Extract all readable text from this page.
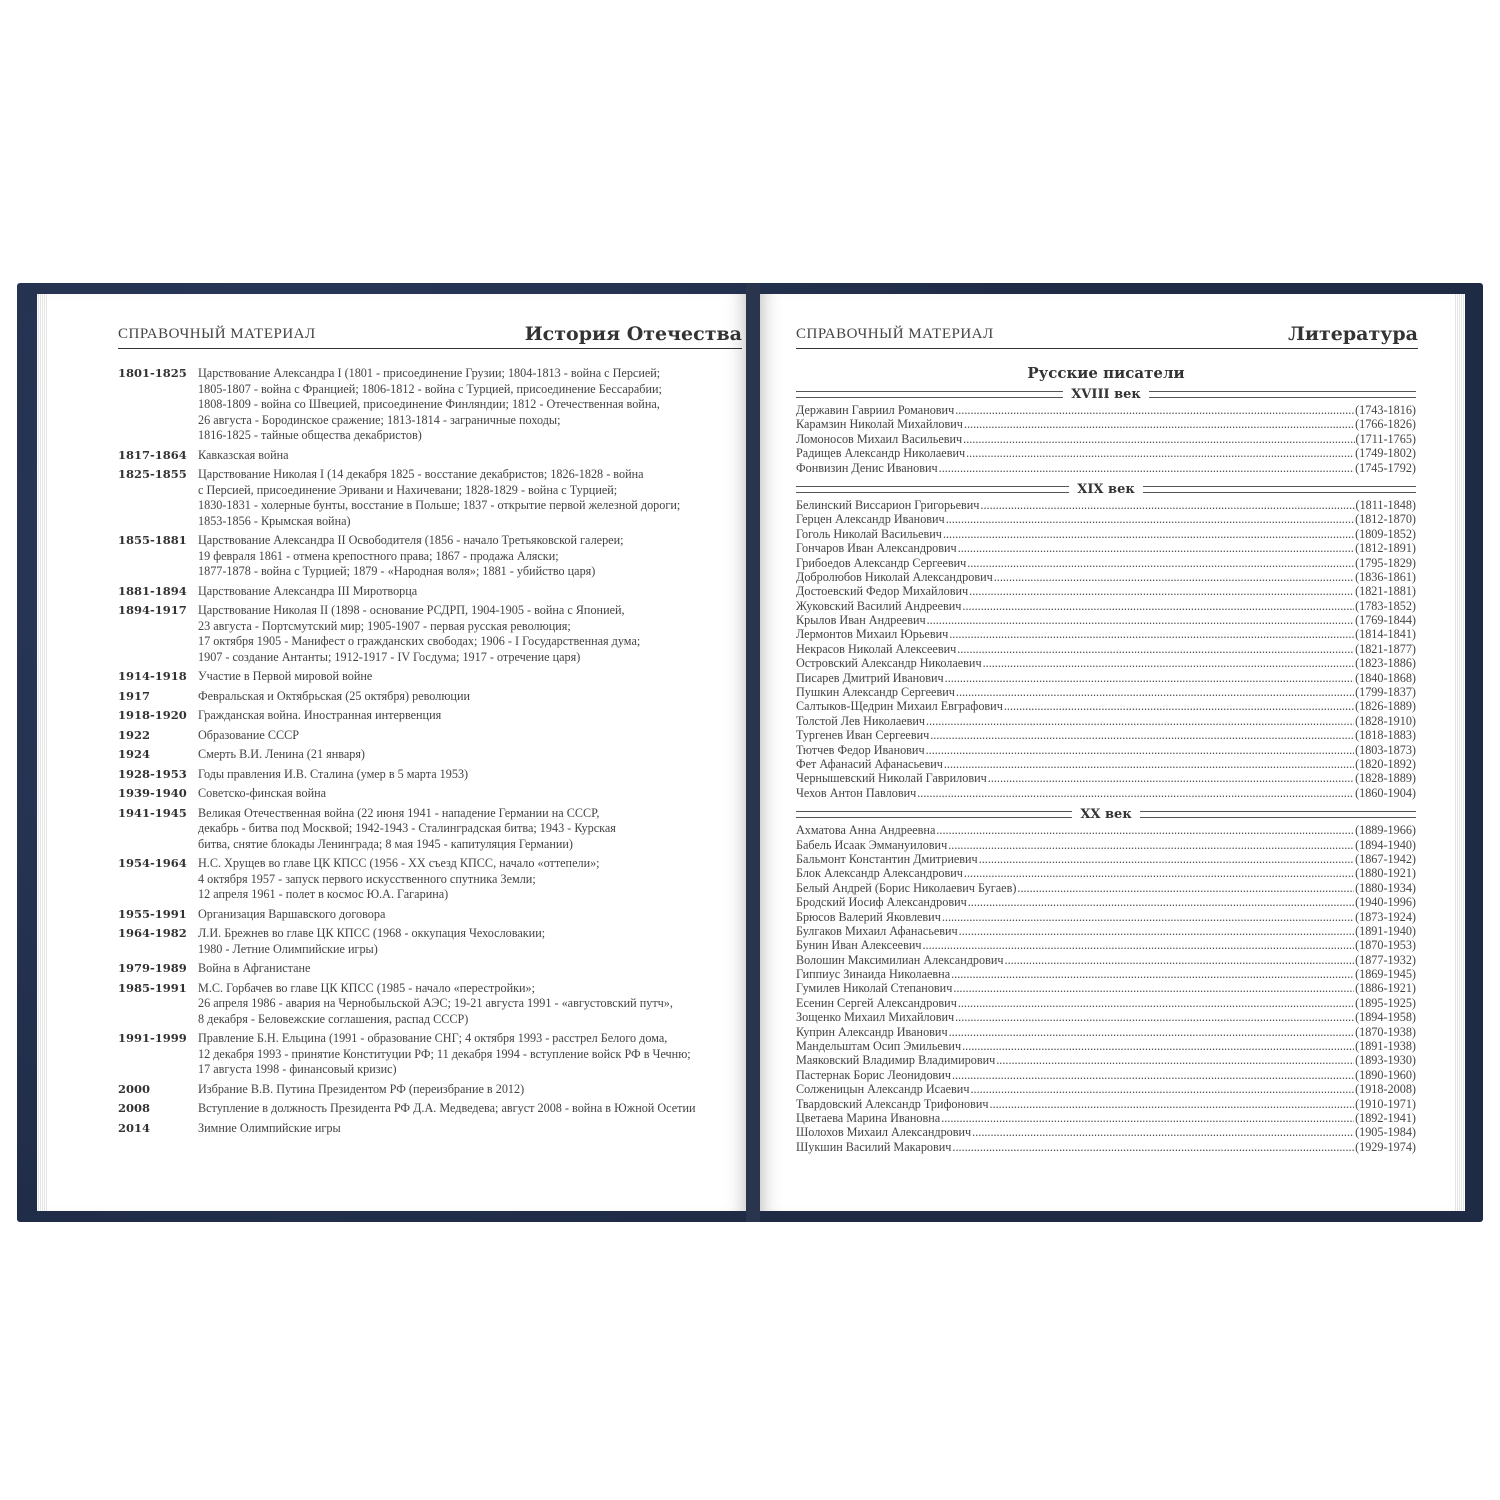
СПРАВОЧНЫЙ МАТЕРИАЛ	История Отечества
1801-1825 Царствование Александра I (1801 - присоединение Грузии; 1804-1813 - война с Персией;
1805-1807 - война с Францией; 1806-1812 - война с Турцией, присоединение Бессарабии;
1808-1809 - война со Швецией, присоединение Финляндии; 1812 - Отечественная война,
26 августа - Бородинское сражение; 1813-1814 - заграничные походы;
1816-1825 - тайные общества декабристов)
1817-1864 Кавказская война
1825-1855 Царствование Николая I (14 декабря 1825 - восстание декабристов; 1826-1828 - война
с Персией, присоединение Эривани и Нахичевани; 1828-1829 - война с Турцией;
1830-1831 - холерные бунты, восстание в Польше; 1837 - открытие первой железной дороги;
1853-1856 - Крымская война)
1855-1881 Царствование Александра II Освободителя (1856 - начало Третьяковской галереи;
19 февраля 1861 - отмена крепостного права; 1867 - продажа Аляски;
1877-1878 - война с Турцией; 1879 - «Народная воля»; 1881 - убийство царя)
1881-1894 Царствование Александра III Миротворца
1894-1917 Царствование Николая II (1898 - основание РСДРП, 1904-1905 - война с Японией,
23 августа - Портсмутский мир; 1905-1907 - первая русская революция;
17 октября 1905 - Манифест о гражданских свободах; 1906 - I Государственная дума;
1907 - создание Антанты; 1912-1917 - IV Госдума; 1917 - отречение царя)
1914-1918 Участие в Первой мировой войне
1917	Февральская и Октябрьская (25 октября) революции
1918-1920 Гражданская война. Иностранная интервенция
1922	Образование СССР
1924	Смерть В.И. Ленина (21 января)
1928-1953 Годы правления И.В. Сталина (умер в 5 марта 1953)
1939-1940 Советско-финская война
1941-1945 Великая Отечественная война (22 июня 1941 - нападение Германии на СССР,
декабрь - битва под Москвой; 1942-1943 - Сталинградская битва; 1943 - Курская
битва, снятие блокады Ленинграда; 8 мая 1945 - капитуляция Германии)
1954-1964 Н.С. Хрущев во главе ЦК КПСС (1956 - XX съезд КПСС, начало «оттепели»;
4 октября 1957 - запуск первого искусственного спутника Земли;
12 апреля 1961 - полет в космос Ю.А. Гагарина)
1955-1991 Организация Варшавского договора
1964-1982 Л.И. Брежнев во главе ЦК КПСС (1968 - оккупация Чехословакии;
1980 - Летние Олимпийские игры)
1979-1989 Война в Афганистане
1985-1991 М.С. Горбачев во главе ЦК КПСС (1985 - начало «перестройки»;
26 апреля 1986 - авария на Чернобыльской АЭС; 19-21 августа 1991 - «августовский путч»,
8 декабря - Беловежские соглашения, распад СССР)
1991-1999 Правление Б.Н. Ельцина (1991 - образование СНГ; 4 октября 1993 - расстрел Белого дома,
12 декабря 1993 - принятие Конституции РФ; 11 декабря 1994 - вступление войск РФ в Чечню;
17 августа 1998 - финансовый кризис)
2000	Избрание В.В. Путина Президентом РФ (переизбрание в 2012)
2008	Вступление в должность Президента РФ Д.А. Медведева; август 2008 - война в Южной Осетии
2014	Зимние Олимпийские игры
СПРАВОЧНЫЙ МАТЕРИАЛ	Литература
Русские писатели
XVIII век
Державин Гавриил Романович .....	(1743-1816)
Карамзин Николай Михайлович .....	(1766-1826)
Ломоносов Михаил Васильевич .....	(1711-1765)
Радищев Александр Николаевич .....	(1749-1802)
Фонвизин Денис Иванович .....	(1745-1792)
XIX век
Белинский Виссарион Григорьевич .....	(1811-1848)
Герцен Александр Иванович .....	(1812-1870)
Гоголь Николай Васильевич .....	(1809-1852)
Гончаров Иван Александрович .....	(1812-1891)
Грибоедов Александр Сергеевич .....	(1795-1829)
Добролюбов Николай Александрович .....	(1836-1861)
Достоевский Федор Михайлович .....	(1821-1881)
Жуковский Василий Андреевич .....	(1783-1852)
Крылов Иван Андреевич .....	(1769-1844)
Лермонтов Михаил Юрьевич .....	(1814-1841)
Некрасов Николай Алексеевич .....	(1821-1877)
Островский Александр Николаевич .....	(1823-1886)
Писарев Дмитрий Иванович .....	(1840-1868)
Пушкин Александр Сергеевич .....	(1799-1837)
Салтыков-Щедрин Михаил Евграфович .....	(1826-1889)
Толстой Лев Николаевич .....	(1828-1910)
Тургенев Иван Сергеевич .....	(1818-1883)
Тютчев Федор Иванович .....	(1803-1873)
Фет Афанасий Афанасьевич .....	(1820-1892)
Чернышевский Николай Гаврилович .....	(1828-1889)
Чехов Антон Павлович .....	(1860-1904)
XX век
Ахматова Анна Андреевна .....	(1889-1966)
Бабель Исаак Эммануилович .....	(1894-1940)
Бальмонт Константин Дмитриевич .....	(1867-1942)
Блок Александр Александрович .....	(1880-1921)
Белый Андрей (Борис Николаевич Бугаев) .....	(1880-1934)
Бродский Иосиф Александрович .....	(1940-1996)
Брюсов Валерий Яковлевич .....	(1873-1924)
Булгаков Михаил Афанасьевич .....	(1891-1940)
Бунин Иван Алексеевич .....	(1870-1953)
Волошин Максимилиан Александрович .....	(1877-1932)
Гиппиус Зинаида Николаевна .....	(1869-1945)
Гумилев Николай Степанович .....	(1886-1921)
Есенин Сергей Александрович .....	(1895-1925)
Зощенко Михаил Михайлович .....	(1894-1958)
Куприн Александр Иванович .....	(1870-1938)
Мандельштам Осип Эмильевич .....	(1891-1938)
Маяковский Владимир Владимирович .....	(1893-1930)
Пастернак Борис Леонидович .....	(1890-1960)
Солженицын Александр Исаевич .....	(1918-2008)
Твардовский Александр Трифонович .....	(1910-1971)
Цветаева Марина Ивановна .....	(1892-1941)
Шолохов Михаил Александрович .....	(1905-1984)
Шукшин Василий Макарович .....	(1929-1974)
